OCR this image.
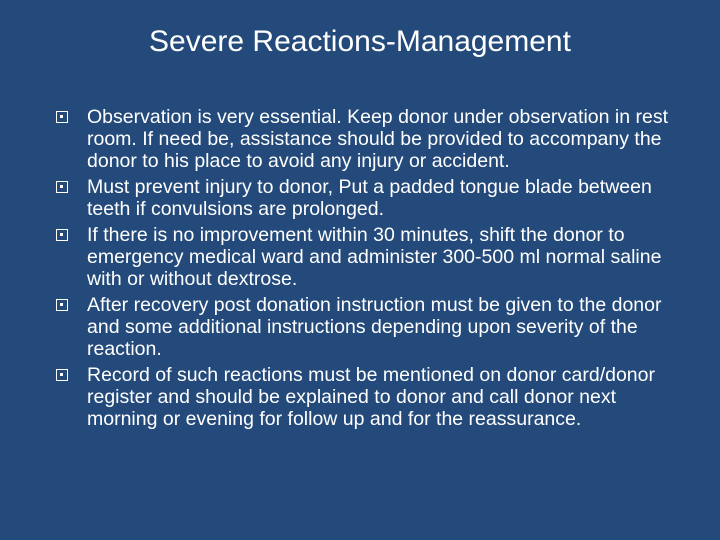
Severe Reactions-Management
Observation is very essential. Keep donor under observation in rest room. If need be, assistance should be provided to accompany the donor to his place to avoid any injury or accident.
Must prevent injury to donor, Put a padded tongue blade between teeth if convulsions are prolonged.
If there is no improvement within 30 minutes, shift the donor to emergency medical ward and administer 300-500 ml normal saline with or without dextrose.
After recovery post donation instruction must be given to the donor and some additional instructions depending upon severity of the reaction.
Record of such reactions must be mentioned on donor card/donor register and should be explained to donor and call donor next morning or evening for follow up and for the reassurance.
